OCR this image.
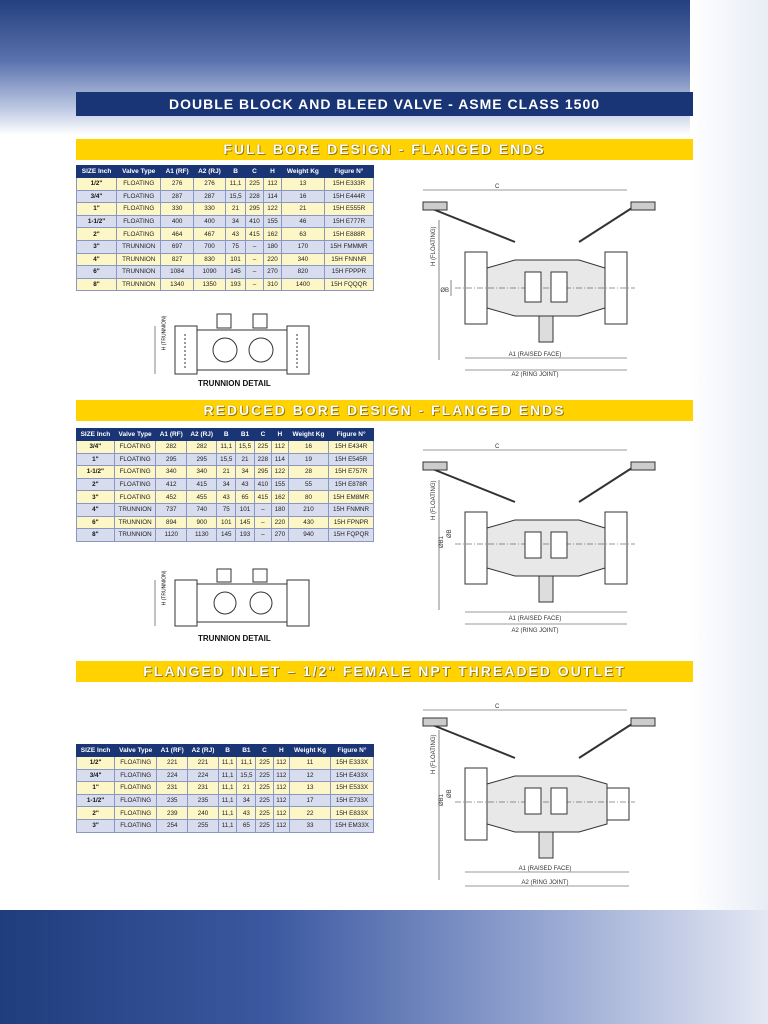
DOUBLE BLOCK AND BLEED VALVE - ASME CLASS 1500
FULL BORE DESIGN - FLANGED ENDS
SIZE Inch	Valve Type	A1 (RF)	A2 (RJ)	B	C	H	Weight Kg	Figure N°
1/2"	FLOATING	276	276	11,1	225	112	13	15H E333R
3/4"	FLOATING	287	287	15,5	228	114	16	15H E444R
1"	FLOATING	330	330	21	295	122	21	15H E555R
1-1/2"	FLOATING	400	400	34	410	155	46	15H E777R
2"	FLOATING	464	467	43	415	162	63	15H E888R
3"	TRUNNION	697	700	75	–	180	170	15H FMMMR
4"	TRUNNION	827	830	101	–	220	340	15H FNNNR
6"	TRUNNION	1084	1090	145	–	270	820	15H FPPPR
8"	TRUNNION	1340	1350	193	–	310	1400	15H FQQQR
H (TRUNNION)
TRUNNION DETAIL
C
A1 (RAISED FACE)
A2 (RING JOINT)
ØB
H (FLOATING)
REDUCED BORE DESIGN - FLANGED ENDS
SIZE Inch	Valve Type	A1 (RF)	A2 (RJ)	B	B1	C	H	Weight Kg	Figure N°
3/4"	FLOATING	282	282	11,1	15,5	225	112	16	15H E434R
1"	FLOATING	295	295	15,5	21	228	114	19	15H E545R
1-1/2"	FLOATING	340	340	21	34	295	122	28	15H E757R
2"	FLOATING	412	415	34	43	410	155	55	15H E878R
3"	FLOATING	452	455	43	65	415	162	80	15H EM8MR
4"	TRUNNION	737	740	75	101	–	180	210	15H FNMNR
6"	TRUNNION	894	900	101	145	–	220	430	15H FPNPR
8"	TRUNNION	1120	1130	145	193	–	270	940	15H FQPQR
H (TRUNNION)
TRUNNION DETAIL
C
A1 (RAISED FACE)
A2 (RING JOINT)
ØB
ØB1
H (FLOATING)
FLANGED INLET – 1/2" FEMALE NPT THREADED OUTLET
SIZE Inch	Valve Type	A1 (RF)	A2 (RJ)	B	B1	C	H	Weight Kg	Figure N°
1/2"	FLOATING	221	221	11,1	11,1	225	112	11	15H E333X
3/4"	FLOATING	224	224	11,1	15,5	225	112	12	15H E433X
1"	FLOATING	231	231	11,1	21	225	112	13	15H E533X
1-1/2"	FLOATING	235	235	11,1	34	225	112	17	15H E733X
2"	FLOATING	239	240	11,1	43	225	112	22	15H E833X
3"	FLOATING	254	255	11,1	65	225	112	33	15H EM33X
C
A1 (RAISED FACE)
A2 (RING JOINT)
ØB
ØB1
H (FLOATING)
